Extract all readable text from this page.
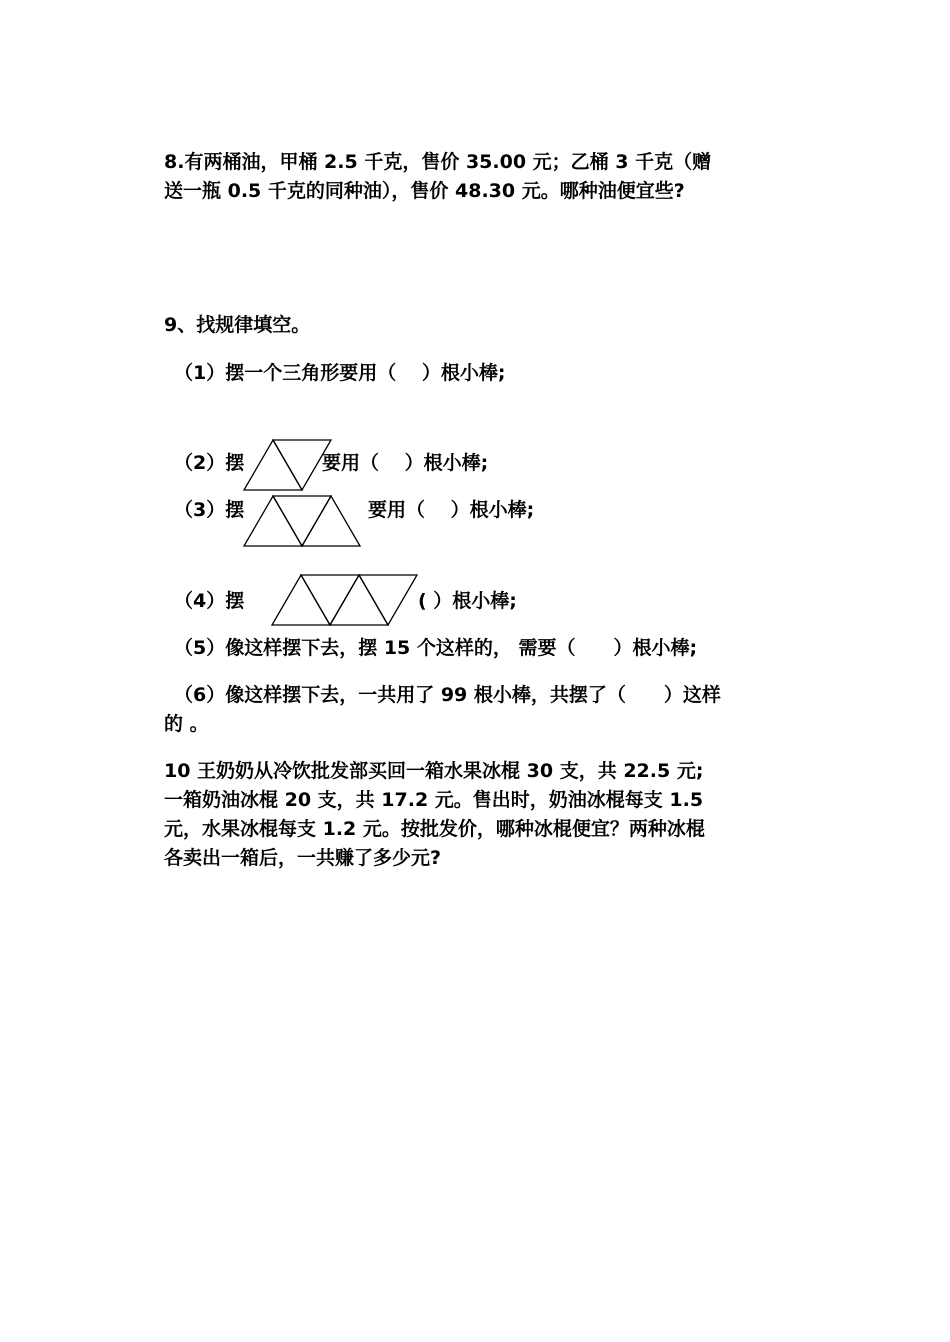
8.有两桶油，甲桶 2.5 千克，售价 35.00 元；乙桶 3 千克（赠
送一瓶 0.5 千克的同种油），售价 48.30 元。哪种油便宜些?
9、找规律填空。
（1）摆一个三角形要用（　 ）根小棒;
（2）摆	要用（　 ）根小棒;
（3）摆	要用（　 ）根小棒;
（4）摆	( ）根小棒;
（5）像这样摆下去，摆 15 个这样的， 需要（　　）根小棒;
（6）像这样摆下去，一共用了 99 根小棒，共摆了（　　）这样
的 。
10 王奶奶从冷饮批发部买回一箱水果冰棍 30 支，共 22.5 元;
一箱奶油冰棍 20 支，共 17.2 元。售出时，奶油冰棍每支 1.5
元，水果冰棍每支 1.2 元。按批发价，哪种冰棍便宜？两种冰棍
各卖出一箱后，一共赚了多少元?
